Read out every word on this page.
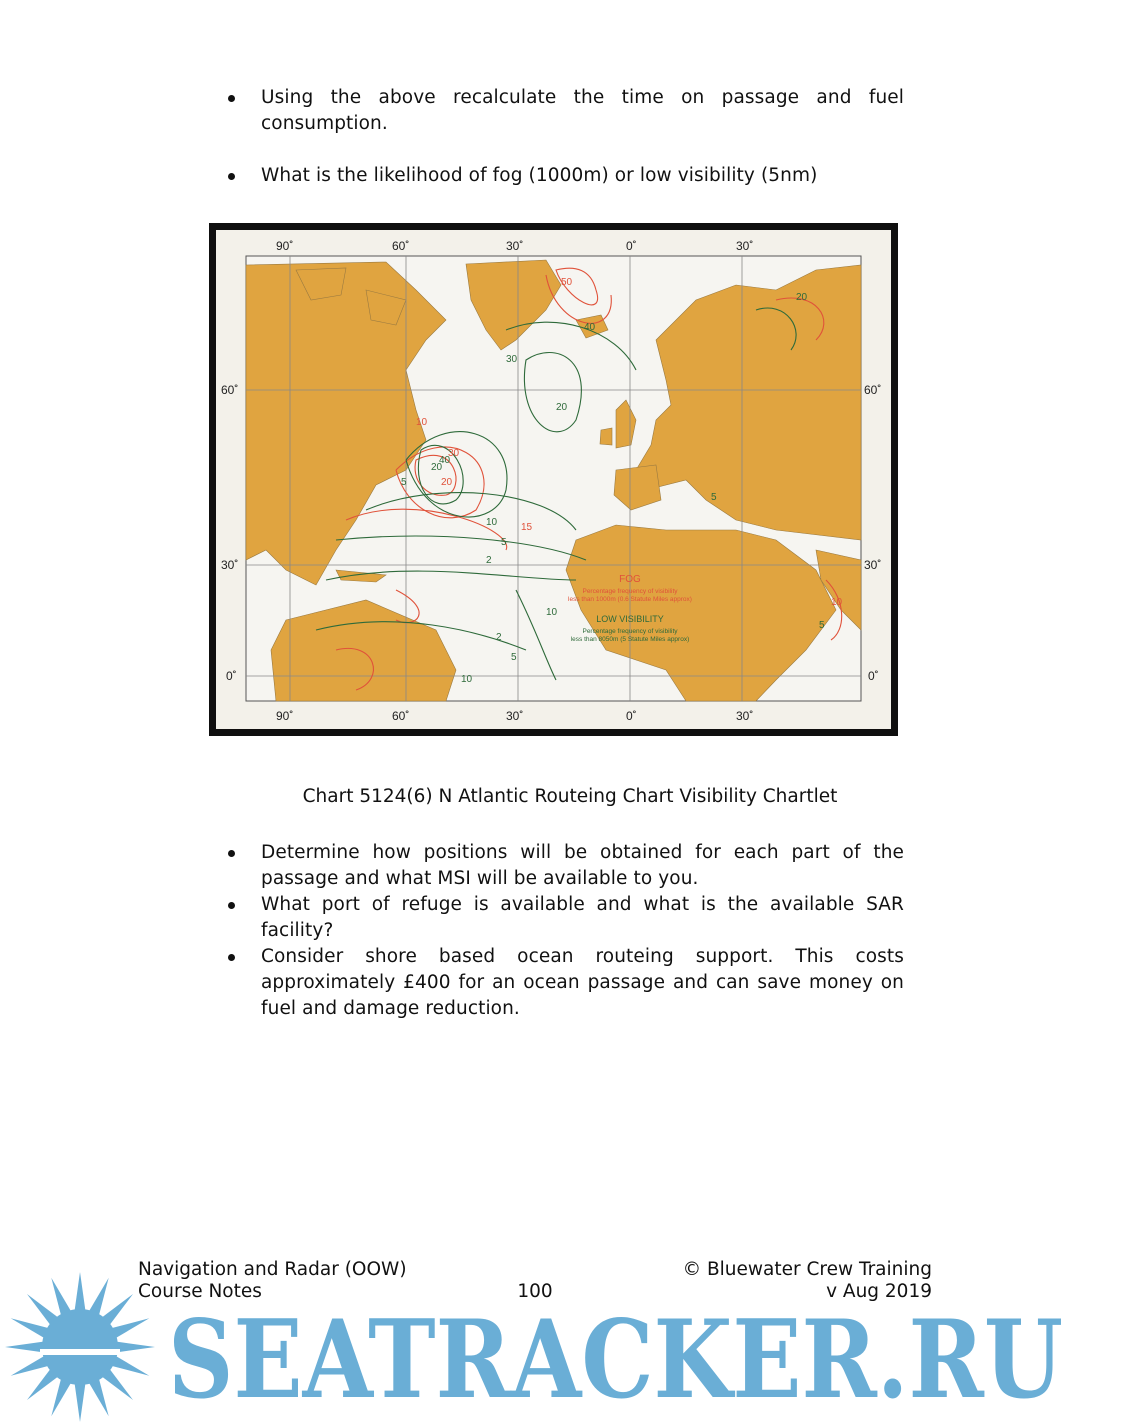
Using the above recalculate the time on passage and fuel consumption.
What is the likelihood of fog (1000m) or low visibility (5nm)
50
40
30
20
10
5
2
20
30
40
10
5
2
15
10
20
5
10
5
10
20
5
FOG
Percentage frequency of visibility
less than 1000m (0.6 Statute Miles approx)
LOW VISIBILITY
Percentage frequency of visibility
less than 8050m (5 Statute Miles approx)
90˚	60˚	30˚	0˚	30˚
90˚	60˚	30˚	0˚	30˚
60˚
30˚
0˚
60˚
30˚
0˚
Chart 5124(6) N Atlantic Routeing Chart Visibility Chartlet
Determine how positions will be obtained for each part of the passage and what MSI will be available to you.
What port of refuge is available and what is the available SAR facility?
Consider shore based ocean routeing support. This costs approximately £400 for an ocean passage and can save money on fuel and damage reduction.
SEATRACKER.RU
Navigation and Radar (OOW)	© Bluewater Crew Training
Course Notes	100	v Aug 2019
